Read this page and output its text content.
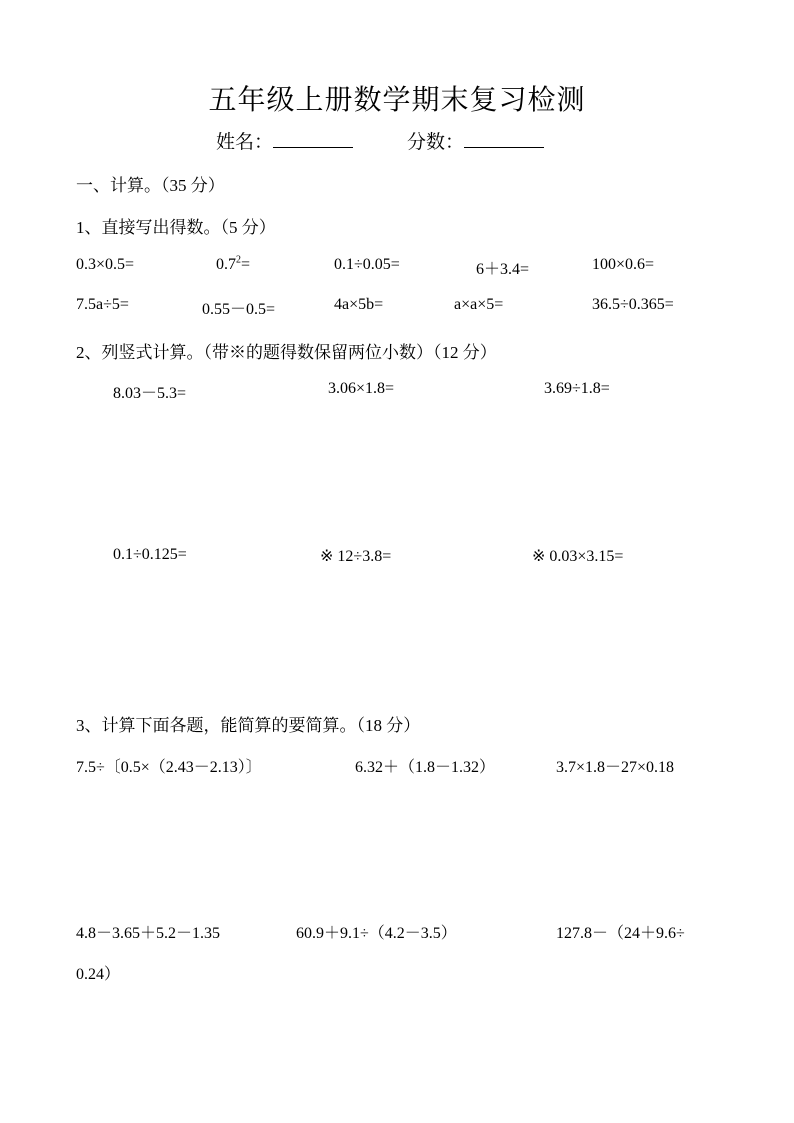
五年级上册数学期末复习检测
姓名：	分数：
一、计算。（35 分）
1、直接写出得数。（5 分）
0.3×0.5=	$0.7^2=$	0.1÷0.05=	6＋3.4=	100×0.6=
7.5a÷5=	0.55－0.5=	4a×5b=	a×a×5=	36.5÷0.365=
2、列竖式计算。（带※的题得数保留两位小数）（12 分）
8.03－5.3=	3.06×1.8=	3.69÷1.8=
0.1÷0.125=	※ 12÷3.8=	※ 0.03×3.15=
3、计算下面各题，能简算的要简算。（18 分）
7.5÷〔0.5×（2.43－2.13）〕	6.32＋（1.8－1.32）	3.7×1.8－27×0.18
4.8－3.65＋5.2－1.35	60.9＋9.1÷（4.2－3.5）	127.8－（24＋9.6÷
0.24）
